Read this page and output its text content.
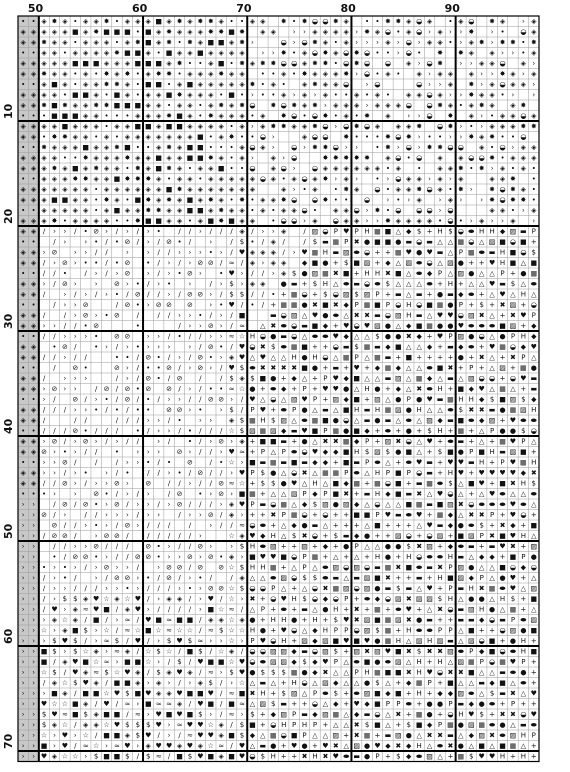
• • ◈ ✸ ◈ • ◈ ◈ ✸ • ◈ ◈ ◈ ■ ◈ ✸ ◈ ✸ ✸ ◈ • • ◈ ◈ ✸ • ✸ ◒ ◒ ✸ ◈ • • ✸ ✸ ◈ ◒ ◈ • ◈ ◒ ✸ ◈ › ◈
◈ ◈ ◈ ◈ ◈ ■ ◈ ✸ ■ ■ ■ • ■ ◈ ✸ ◈ ◈ ◈ ✸ ✸ ■ ✸ ◈ ◈ › › ◈ ◈ ◈ ◈ › ✸ ◈ ◒ • ◈ ◒ › ◈ › › ✸ › • ◒ ◈
◈ ◈ ✸ ◈ ◈ • ◈ ◈ ◈ • ◈ ✸ ■ ◈ ✸ • ✸ ◈ ■ ■ ◈ ✸ ›	◒ › ◒ ✸ ◈ • ◈ › › › ◈ › ◒ › ◈ ◈ • › ◈ ✸ › ✸ ✸ • ✸
• • ◈ ◈ • ◈ ◈ ◈ ◈ ✸ ■ ■ ◈ • ■ ◈ ◈ ■ ◈ ◈ ◈ ◈ › › ✸ • ◈ ◒ ✸ ◈ ◒ ✸ ◒ • • › ◒ • ✸ ✸ ◈ ◈ › › • ◈
◈ ◈ ◈ ◈ ◈ ■ ■ ■ ◈ ◈ ◈ ■ ■ ■ ◈ ✸ • • ◈ ■ • ✸ ◈ ✸ ✸ ◒ ◒ ◈ ✸ ✸ • ◒ ✸ ◒ ◒ ◈ › ◒ ✸ › › ◈ ◈ ◒ ◈ ›
◈ ◈ ✸ ◈ ◈ • ◈ • ✸ ◈ ✸ • ◈ ✸ ✸ • ◈ ◈ ◈ ✸ ◈ ◈ • • ◈ • ✸ ◈ ◈ ◈ ✸ › ◒ • ◈ • ◈ › ◈ ◈ ◈ › › ✸ ◈ › ◈
• • ◈ ■ ◈ • ◈ ◈ ✸ ✸ ◈ • ■ ■ • ◈ ■ ◈ ◈ ◈ ◈ ◈ ✸ • ◈ • ◈ ✸ ◈ ◈ ◒ › ◒	◒ › › ◈ ✸ › ◈ ◒ ◈ ◈ ›
◈ ◈ ◈ ◈ • ■ ■ ◈ • ■ ◈ • ◈ ◈ ■ ✸ ◈ ◈ ◈ • ■ • › • • ◈ › ◈ › ◈ • • ◈ • ◈ • ◈ ◈ ◒ ◈ › › ✸ ◈ ◈ • ›	›
◈ ◈ ✸ ■ ✸ ◈ ◈ ✸ ✸ ■ ■ ■ ◈ ◈ • ◈ ◈ • ◈ ✸ ◈ ✸ ◒ ✸ ◒ ✸ ◈ ✸ › ◈ ◈ ◈ › ◈ ◈ ◈ ◒ ◒ ✸ ◈ • ◈ ✸ ◈ ◈ ✸
• • • ■ ■ ■ ◈ ◈ • • • ◈ ◈ ◈ ✸ ■ ◈ • ✸ ◈ ◈ ◈ • ◈ ✸ ◒ • ◒ ✸ • ◈ • ✸ ◈ › › ◒ ✸ ◈ › • ◈ ◈ ◒ ◈
◈ ◈ ◈ ◈ ■ ◈ ◈ ◈ • ◈ ◈ ■ ■ ◈ ■ ■ ◈ ◈ ◈ ◈ • ◈ › ◈ ✸ ✸ ◈ ◈ ✸ ◒ › ◒ ✸ ◒ ◈ ◈ ◈ ✸ ◒ ✸ › • › ◈ ◈ ◈ ✸ ✸
◈ ◈ • ✸ ✸ ◈ ◈ • ◈ • ◈ ◈ ◈ ◈ ◈ ◈ ◈ ■ • ◈ ✸ • • ◒ ›	◈ ◒ ◒ ✸ • • • ✸ ◒ ✸ › • • › › ✸ ◈ ✸ • • ◒
• • ✸ ◈ ◈ ◈ ■ ◈ ◈ ✸ ■ • • ◈ ✸ ◈ ■ ■ • • • ◈ ◒ ◈ › ◒ › ✸ ✸ ◒ › › • ✸ › ◒ › ✸ ✸ ◒ ◒ ◈ • ◒ › ◈ ◈
◈ ◈ ◈ ◈ • • ✸ ◈ ◈ ◈ ✸ ◈ ◈ ■ ◈ ◈ ■ ■ ✸ ◈ • ◈ › ◈ › ◒	✸ ✸ ✸ ✸ ✸ ◈ ◒ • ◒ ◈ ◈ ◒ ◒ ✸ • ◈ ◈ ◈
◈ ◈ ◈ ✸ ◈ ■ ◈ ✸ ◈ ◈ • ✸ ◈ ■ ✸ ◈ • ◈ ◈ ■ • • ◒ ◈ ◒ › ◒ ◈ ◈ ◈ ◈ ◈ ◈ • ◈ • ◈ ◈ ✸ • ✸ › ◈ • ◈ •
• • ◈ ◈ ◈ ✸ ✸ ◈ ◈ ■ ✸ ✸ ✸ ◈ • ◈ ◈ • ◈ ◈ ◈ ◈ ◈ ◒ ◈ • ◈ ◒ ◈ ✸ › ◈ › • › ◒ ◈ ◈ › ◈ › ◈	◈ ◈ ✸ •
◈ ◈ ◈ ◈ ◈ ◈ ◈ • ◈ ◈ ◈ ◈ ◈ ◈ ■ ✸ ◈ ◈ ◈ ◈ ◈ ◈ ◈	◈ › • ◈ • ✸ ◈ ◒ • ◈ ◈ ✸ ◒ ◈ • ✸ › ✸ ◒ ✸ ◈ •
◈ ◈ ◈ ■ ■ ◈ ◈ • ✸ ◈ • ■ ✸ ◈ ✸ ◈ ■ ◈ ✸ ◈ • ✸ • ◈ ◈ ✸ ◒ ◒ ✸ • • ◒ › • › ◈ › ◈ ›	› ✸ ◒ ✸ ✸ •
• • ◈ ◈ ◈ ◈ ◈ • ◈ ■ ◈ ◈ ✸ ✸ ◈ ◈ ■ ■ ◈ ✸ ◈ ◈ • ◈ • ◈ ◈ ◒ • ◈ ◈ ◒ › ✸ • ◒ ◒ ◒ › ◒	◈ ◈ • › ◈
◈ ◈ ◈ ✸ • ◈ ◈ ◈ ◈ • • ✸ ■ ■ ◈ ◈ • ◈ ■ ✸ ■ ◈ ◈ • ◒ ◒ › ◈ ◒ ◈ ◈ › › ✸ ◈ ◈ ◈ ◈ • ◒ • › ◈ › › ◈ ›
◈ ◈ / › › / • ⊘ › / › / › •	/ / › / / / ◈ / › › ◈ / ▨ ◒ P ♥ P H ▦ ■ △ ◆ $ + H $ ◒ ⬬ H H ◆ ▨ ▬ P
• •	/ ›	› • / • ⊘ / › / ⊘ • /	›	/ $ • / ◈ /	/ $ ▬ ▦ P ✖ ● ■ ■ ● ▬ ◒ ▬ △ △ ▦ ◒ △ ▨ ■ ◒ ■ +
◈ ◈ › ⊘ › › / /	›	› / / › › › • › / ♥ ◈ ◈ ◈ / › ♥ ▦ H ▬ ▨ ⬬ ◒ + + ▦ ♥ ● ♥ ▬ △ P ▦ ⬬ ▬ H ■ ◒ $
◈ ◈ / › ⊘ › • • / • ⊘ • / › / › ⊘ ⊘ / ≈ / ◈ › ◈ ◈ ◆ ■ ● + $ ■ ▨ + ◆ △ ▨ ⬬ ◒ △ ▨ ● + + ♥ H ■ △ ■
• • / / •	/ › / › ⊘ › / › • ⊘ › • ♥ › / / › ◈ $ ● ▨ ▦ ✖ ■ + H H ✖ ■ △ ⬬ ◆ P △ ▨ ● △ △ P + ● ▦
◈ ◈ › / ⊘ ›	› ⊘ › • / › • ›	/ › $ › ◈ ◈ ● ▬ + $ H △ ⬬ ▬ ◒ ⬬ $ △ △ △ ⬬ + H + △ △ ♥ ▬ $ △ ⬬
◈ ◈ /	› / › / › • / ⊘ / / › / ⊘ ⊘ › / $ $ / / • + ▦ ◒ + $ ◒ ▨ $ ▨ P + ▬ △ ▬ + ● ▬ ◆ ⬬ + △ ♥ △ H △
• •	/ › › ⊘	/ ⊘ • › ⊘ ⊘ ⊘ › • ♥ / • / + ▦ ▦ ● ✖ ■ ✖ ◆ P ▦ ■ P ◒ H ◒ ■ ▦ ● P + $ + ✖ ▨ + ◒
◈ ◈ /	/ › ⊘ › • ⊘ /	/ / › › • / › / ■	▬ ◒ ▨ △ ♥ ● ⬬ △ ✖ ✖ ▬ ◒ ▨ H ▬ △ ♥ ♥ ◒ ▨ ✖ △ + ✖ ♥ P
◈ ◈ › › / / • ⊘	•	/ › › ⊘ › / ≈ △ ✖ ⬬ ◒ ▬ ■ ◆ + ♥ ◒ ♥ ▨ ● △ ◆ ■ ▦ ● ● ♥ ⬬ ⬬ ⬬ ■ ▨ + ◆
• • / / › › › • ⊘ ⊘ › › / • / / › › ≈ ☆ H ◒ ● ▬ ◒ △ ⬬ ⬬ ♥ ◆ △ △ $ ● ● ✖ ◆ + ♥ P ▨ ● ◒ △ ● P H ◆
◈ ◈ • ⊘ /	• › / › • › › ›	› / ⊘ • / ♥ ◒ ✖ $ ⬬ ▦ ■ + + ◒ ▬ $ ▦ ▬ ◆ ■ △ △ ◆ + ▬ ◆ ⬬ + ♥ ▦ ◒ ◆ ♥
◈ ◈ / / › / /	• • / ⊘ • / › / ⊘ • › ◈ ♥ △ ♥ △ △ H ● H ◒ △ ▦ P △ ▦ ▬ + ■ + + + + ● + ✖ △ + ✖ P △
• •	/ ⊘ •	⊘ › / • • ⊘ / › ⊘ › / ♥ $ ⬬ ✖ ✖ ✖ ✖ ■ ● + ▬ + ♥ + ◆ ▦ ◆ △ △ ⬬ ■ ✖ + P + △ ▨ + ▦ ●
◈ ◈ /	› › ›	/ › / ⊘ • / ⊘ /	/ $ ◈ $ ■ ● + ◆ △ + P ♥ ◆ ■ △ △ ▬ ▨ △ ▦ ◆ △ ▬ △ ▨ ◒ ◒ + ◒ ♥ ▬
◈ ◈ › ⊘ › ›	/ ⊘ / ⊘ • ⊘ ⊘ / › / • • ≈ ☆ ● + ⬬ ◆ + P + ♥ ♥ ● △ H ● + ◆ △ ✖ ⬬ H + ■ ◆ ♥ △ ▦ △ + ▬
• • › / ⊘ / › • / ⊘ / • / › › / / ⊘ ⊘ › / ♥ △ ◒ △ ▨ ♥ P + ▨ ◆ ■ + ▨ △ ● P ● ♥ ▬ ▦ H H ◆ $ ■ ▨ $ ◆
◈ ◈ / / / › › • / • / • • ⊘ ⊘ › • › $ / P ♥ + ⬬ P ● △ ▬ △ ■ H ▬ H ▦ ▨ ● H △ △ ⬬ $ ✖ ✖ ▬ ● ▦ ▨ H
◈ ◈ /	/ /	/ / / › › / • › › ◈ $ ▦ H $ ▨ △ ⬬ ▦ ■ ● ◒ △ ▬ ● ▬ △ ⬬ △ ▨ ◆ ▬ ■ ⬬ ◆ ▨ + ♥ ⬬ ⬬
• • / / / ⊘ • / / /	• / › › / • / / / ☆ $ ▨ ▦ ▨ ◆ ▬ ♥ ■ P ▦ ● ■ ◆ + ⬬ + ● + $ H + ▦ + △ P ● ● $ ◒
◈ ◈ › ⊘ / › ⊘ › / › / /	› /	• / › ⊘ › ◈ + ■ ■ ▬ + ● △ ✖ ✖ ▦ ◆ P + ▨ ✖ ◒ △ ♥ + ⬬ ▬ + △ + ▦ ♥ P △
◈ ◈ ⊘ › • › / /	• › › › ⊘ › / / › ♥ ≈ + P △ P ⬬ ◒ ♥ ◆ ◆ ■ H $ ▨ $ ● ■ △ + $ ■ ● P ■ H ▬ ▨ ■ +
• • › › ⊘ /	/	/ › › • / • ⊘ / • ☆ › ■ ▬ ▦ ▬ ■ ▬ ◆ ◆ + ■ ▬ P ⬬ △ + ⬬ ♥ ▬ + ♥ ♥ ▬ H + P ♥ ▦ H
◈ ◈ › › / › • › / •	/ / › • / ⊘ / / › ♥ P $ ● △ ◒ ✖ △ ▦ ▦ P ⬬ △ H P ■ P ◒ ▬ + H ♥ + ♥ ♥ ♥ ♥ ◆ ✖
◈ ◈ / / ⊘ › / › › ⊘ › ⊘ / / › / / ⊘ ≈ ☆ + $ $ ● ♥ △ H △ ■ ◆ ▦ + ▦ ◒ ■ + ▬ ▦ ⬬ $ △ ■ ♥ + ■ ✖ H $
• • • ›	› ⊘ • / › / ›	/ ⊘ • › ⊘ › ■ ▦ + △ △ ▨ P ◆ P ■ ✖ + ▬ H ◆ ■ ▬ ✖ △ ♥ ◒ △ + △ ♥ ⬬ △ △ ⬬
› ›	/ ⊘ / ⊘ • › ⊘ / › › / › ⊘ / / / › ◈ ♥ P ▬ ◒ ▦ △ ◆ $ ▨ ● ▨ ◆ △ ◒ △ △ ■ ▦ ▬ ■ ▨ ✖ ◒ ⬬ ⬬ ⬬ ♥ ⬬ △
› › ⊘ / ›	/ / › › › / › ›	/ › › ⊘ / ◈ › + + ✖ P ▦ ◒ + ◒ + + ■ ■ P ♥ ▬ ⬬ ♥ + ▦ ◆ △ ✖ ✖ P + ♥ ◒ +
› › ⊘ / / › • › / ⊘ › / / /	/	› / / ≈ ◒ ⬬ + △ ◆ ● ▬ △ + + + △ ■ + + + △ ♥ ▬ ◆ ● ⬬ $ + ✖ ◆ + ■
› › / ⊘ ⊘ /	› ⊘ ⊘ /	/ / / / / ›	☆ ◈ ♥ ◆ H △ $ ✖ ◒ + $ ▬ ◆ ● + + ▨ ◒ + ◒ ▨ + ■ ▨ P ✖ ■ ♥ H △
› ›	/ / › › ⊘ / / / ⊘ • › / / ⊘ ›	› $ H ⬬ ▨ + + ▨ + ◆ + ● P △ △ ● ● $ ✖ ▨ + ◆ ⬬ ▬ + ▬ ♥ ✖ + ▨
› › • / ⊘ ⊘ • › / / ⊘ ⊘ • › › ⊘ › ⊘ • ◈ › ■ ♥ ♥ ■ ◒ P ▦ + △ + △ + H ● + H ◒ ⬬ ⬬ H ▬ △ ◆ ◆ + ■ P ●
› › • › • › / › ⊘ › › /	› ⊘ ⊘ / ⊘ ⊘ ☆ $ H H ▦ + △ P △ ⬬ ▨ ◒ ▨ ◒ ▬ ▦ ✖ ■ ⬬ ▬ ✖ P ▨ ● △ △ ■ ◒ ◆ ◒
› › / › • /	› / ⊘ ⊘ › • / ⊘ / › • /	/ ◈ △ △ ⬬ ▨ ◒ $ $ ⬬ ▬ △ ▬ ▨ ■ ✖ + + ▬ + H ■ ▨ ◆ P △ ● ♥ + △
› › / › › / / / › › • › / / / › • › ⊘ ⊘ ☆ $ ◒ ◒ P △ + △ ◒ ✖ ▦ ▨ ◒ ▨ ● ▬ $ ▬ △ ♥ + P ▬ H ✖ ▦ ⬬ ♥ △ ▨
› › / › $ $ ◈ ♥ ☆ ◈ ☆ ♥ / › ◈ ◈ / › ♥ / ☆ › ✖ + ◒ ♥ H $ ◒ ◆ ◒ P + ⬬ ◆ ◒ ▨ ✖ ▨ ▨ $ H △ ● ● △ H $ + ■
› › / ♥ › ◈ ≈ ♥ ■ / ◈ ♥ › / / / / › ■ ☆ ≈ / △ P + ⬬ + ▬ △ ● H + ✖ + ▦ + ⬬ ♥ + △ ✖ ◒ ▬ ▨ H ● △ ▦ + △
› › › ◈ ☆ ◈ / ■ / › ≈ / ♥ ■ ≈ ■ ■ / ◈ ◈ ☆ ◈ ● + H H ● + H + $ ♥ ✖ ▨ ■ ▦ ▨ ✖ ● ▬ + + ▬ ▬ ◆ ◒ ▬ P ⬬ ▨
› › ☆ › ◈ ■ $ › ☆ / ≈ ☆ ■ ☆ ≈ ☆ ☆ / ≈ $ ☆ ☆ H ● + ♥ ◒ △ ◆ H P P ◒ ▨ $ ▦ + H ⬬ ⬬ P P △ ■ + + ◒ ▨ ● ■
› › › $ ♥ $ / › ≈ $ / ♥ / › $ ♥ $ ≈ › › ☆ › P ♥ ◒ H + ▨ ◆ ▨ ■ ♥ ■ ♥ ● ▦ H △ ▨ H ▨ ▬ △ ▨ ◒ ■ + ● H +
› › ■ $ › $ ☆ ◈ › ≈ ◈ / ☆ $ ☆ / ■ $ / ☆ ◈ / ◒ ◒ ▨ ▨ ◆ ▬ ◒ ▨ $ + ▨ ✖ ▨ ♥ ■ ✖ $ ✖ ✖ ▨ ⬬ P ◆ ■ ◒ ⬬ H ■
› › ■ / ◈ ♥ ■ ☆ ≈ › ■ ■ ☆ › / $ / ♥ ■ ■ ☆ ♥ ◒ ⬬ ▨ ▨ ◆ $ ◆ ♥ P △ ⬬ ■ ● ⬬ ▨ △ H + H △ ▨ ▦ P ◒ ▦ ♥ P +
› › ☆ $ / ♥ ◈ ≈ $ ☆ ♥ ◈ / $ ◈ ♥ ◈ / ≈ › $ ♥ ● $ $ $ ▦ ● ◆ ✖ △ △ P H ▦ ■ ■ ✖ H ♥ ◒ ✖ ✖ ■ △ △ ▬ ⬬ ● +
› › / ◈ ☆ $ ♥ ◈ / ■ ■ ◈ › ◈ › / › ◈ $ / › ☆ △ ▬ △ + H ◒ △ ▨ ◆ △ △ ● $ △ + ◆ ▦ P + ■ △ △ ▬ ◆ ■ △ ⬬ +
› › › ■ ◈ / ■ ■ ☆ ♥ $ ■ ♥ ◈ ◈ ♥ ■ ■ ♥ / ≈ ■ ✖ H + $ ▨ △ P ⬬ $ + ⬬ ▨ ■ ◆ ■ + H + ◆ ◆ ▨ ⬬ △ $ ▬ ✖ △ ♥
› › ♥ ☆ ☆ ■ ◈ / ♥ / ≈ › ■ ≈ ≈ ◈ / ♥ ■ / ■ ≈ △ ▨ $ ▬ + + ◒ △ ◆ + ♥ ◆ ■ P P ⬬ + ● ● P ▬ ◆ ● ⬬ + P + +
› › $ ♥ ≈ ■ $ ◈ ■ ■ / ≈ › ♥ ■ ♥ ■ $ › / ≈ › $ + ◆ ▨ P ▬ ◆ ▨ ▦ △ ◆ ▬ ◒ △ ✖ + ▦ ● + ◒ H ♥ $ + ✖ ✖ ◒ ♥
› › $ ◈ ☆ / ◈ ◈ ☆ ♥ $ $ $ ♥ › ≈ ♥ ♥ ☆ ◈ / $ ■ + ◒ H P H P + △ △ ✖ $ ■ △ + $ ■ ◆ P ▦ ● ▨ ▦ ⬬ ● △ ▬ ⬬
› › ☆ › ♥ › ☆ / ■ ■ ◈ $ ♥ / › / ≈ ♥ ♥ ◈ ■ $ ◆ △ ▦ ◒ ■ P △ △ ▨ + ✖ ▦ + ▬ ▨ ● △ ✖ ✖ ▬ △ ◆ ▨ ✖ ⬬ ▨ H P
› › ■ › ♥ / ≈ ☆ › ≈ ♥ › ◈ ♥ ♥ ◈ ♥ ◈ ☆ ≈ / ♥ △ ▬ ● + ♥ ● + ♥ ✖ △ ▨ ● ♥ ◆ ✖ ◆ H △ ⬬ ✖ ● △ ■ △ ■ ▦ △ +
› › ♥ ◈ ☆ ☆ › $ ■ ■ $ / $ ≈ / ■ $ ♥ ■ ◈ ■ ♥ ◒ $ H + + ✖ H ✖ ♥ ⬬ ▬ ● P + $ ◆ ⬬ ▨ △ + ▦ $ ♥ ♥ H + H +
50	60	70	80	90
10
20
30
40
50
60
70
